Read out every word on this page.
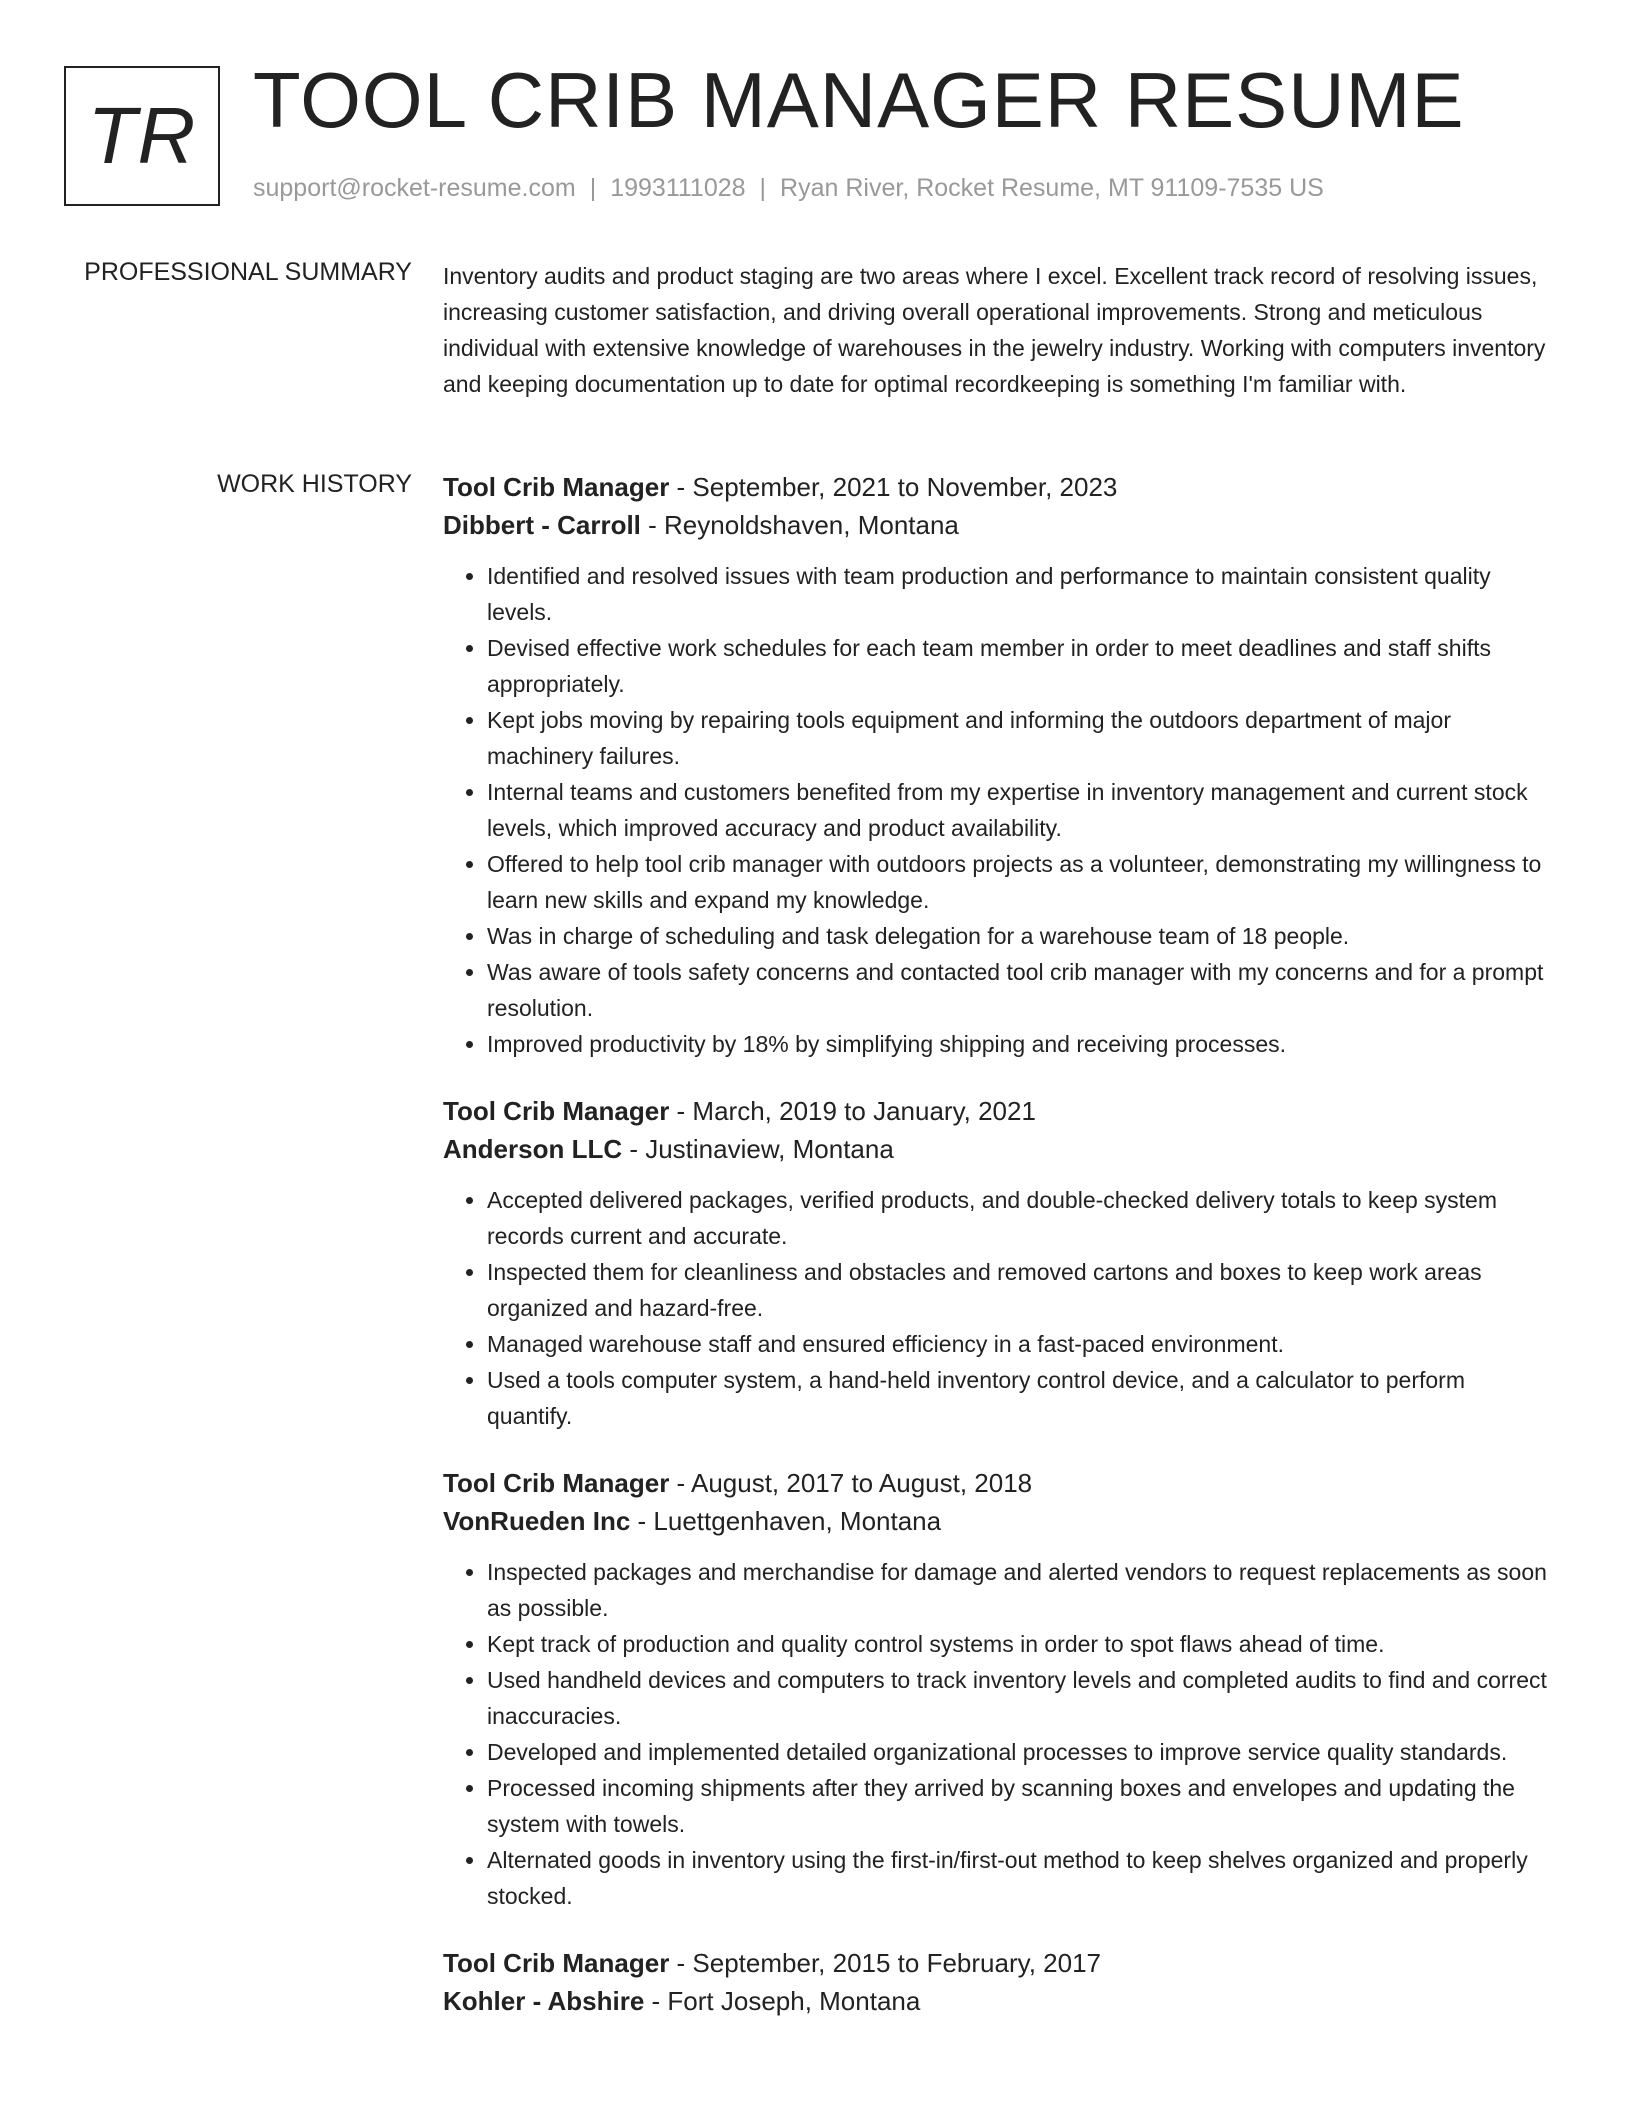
TR TOOL CRIB MANAGER RESUME
support@rocket-resume.com | 1993111028 | Ryan River, Rocket Resume, MT 91109-7535 US
PROFESSIONAL SUMMARY Inventory audits and product staging are two areas where I excel. Excellent track record of resolving issues, increasing customer satisfaction, and driving overall operational improvements. Strong and meticulous individual with extensive knowledge of warehouses in the jewelry industry. Working with computers inventory and keeping documentation up to date for optimal recordkeeping is something I'm familiar with.

WORK HISTORY Tool Crib Manager - September, 2021 to November, 2023
Dibbert - Carroll - Reynoldshaven, Montana
• Identified and resolved issues with team production and performance to maintain consistent quality levels.
• Devised effective work schedules for each team member in order to meet deadlines and staff shifts appropriately.
• Kept jobs moving by repairing tools equipment and informing the outdoors department of major machinery failures.
• Internal teams and customers benefited from my expertise in inventory management and current stock levels, which improved accuracy and product availability.
• Offered to help tool crib manager with outdoors projects as a volunteer, demonstrating my willingness to learn new skills and expand my knowledge.
• Was in charge of scheduling and task delegation for a warehouse team of 18 people.
• Was aware of tools safety concerns and contacted tool crib manager with my concerns and for a prompt resolution.
• Improved productivity by 18% by simplifying shipping and receiving processes.
Tool Crib Manager - March, 2019 to January, 2021
Anderson LLC - Justinaview, Montana
• Accepted delivered packages, verified products, and double-checked delivery totals to keep system records current and accurate.
• Inspected them for cleanliness and obstacles and removed cartons and boxes to keep work areas organized and hazard-free.
• Managed warehouse staff and ensured efficiency in a fast-paced environment.
• Used a tools computer system, a hand-held inventory control device, and a calculator to perform quantify.
Tool Crib Manager - August, 2017 to August, 2018
VonRueden Inc - Luettgenhaven, Montana
• Inspected packages and merchandise for damage and alerted vendors to request replacements as soon as possible.
• Kept track of production and quality control systems in order to spot flaws ahead of time.
• Used handheld devices and computers to track inventory levels and completed audits to find and correct inaccuracies.
• Developed and implemented detailed organizational processes to improve service quality standards.
• Processed incoming shipments after they arrived by scanning boxes and envelopes and updating the system with towels.
• Alternated goods in inventory using the first-in/first-out method to keep shelves organized and properly stocked.
Tool Crib Manager - September, 2015 to February, 2017
Kohler - Abshire - Fort Joseph, Montana
